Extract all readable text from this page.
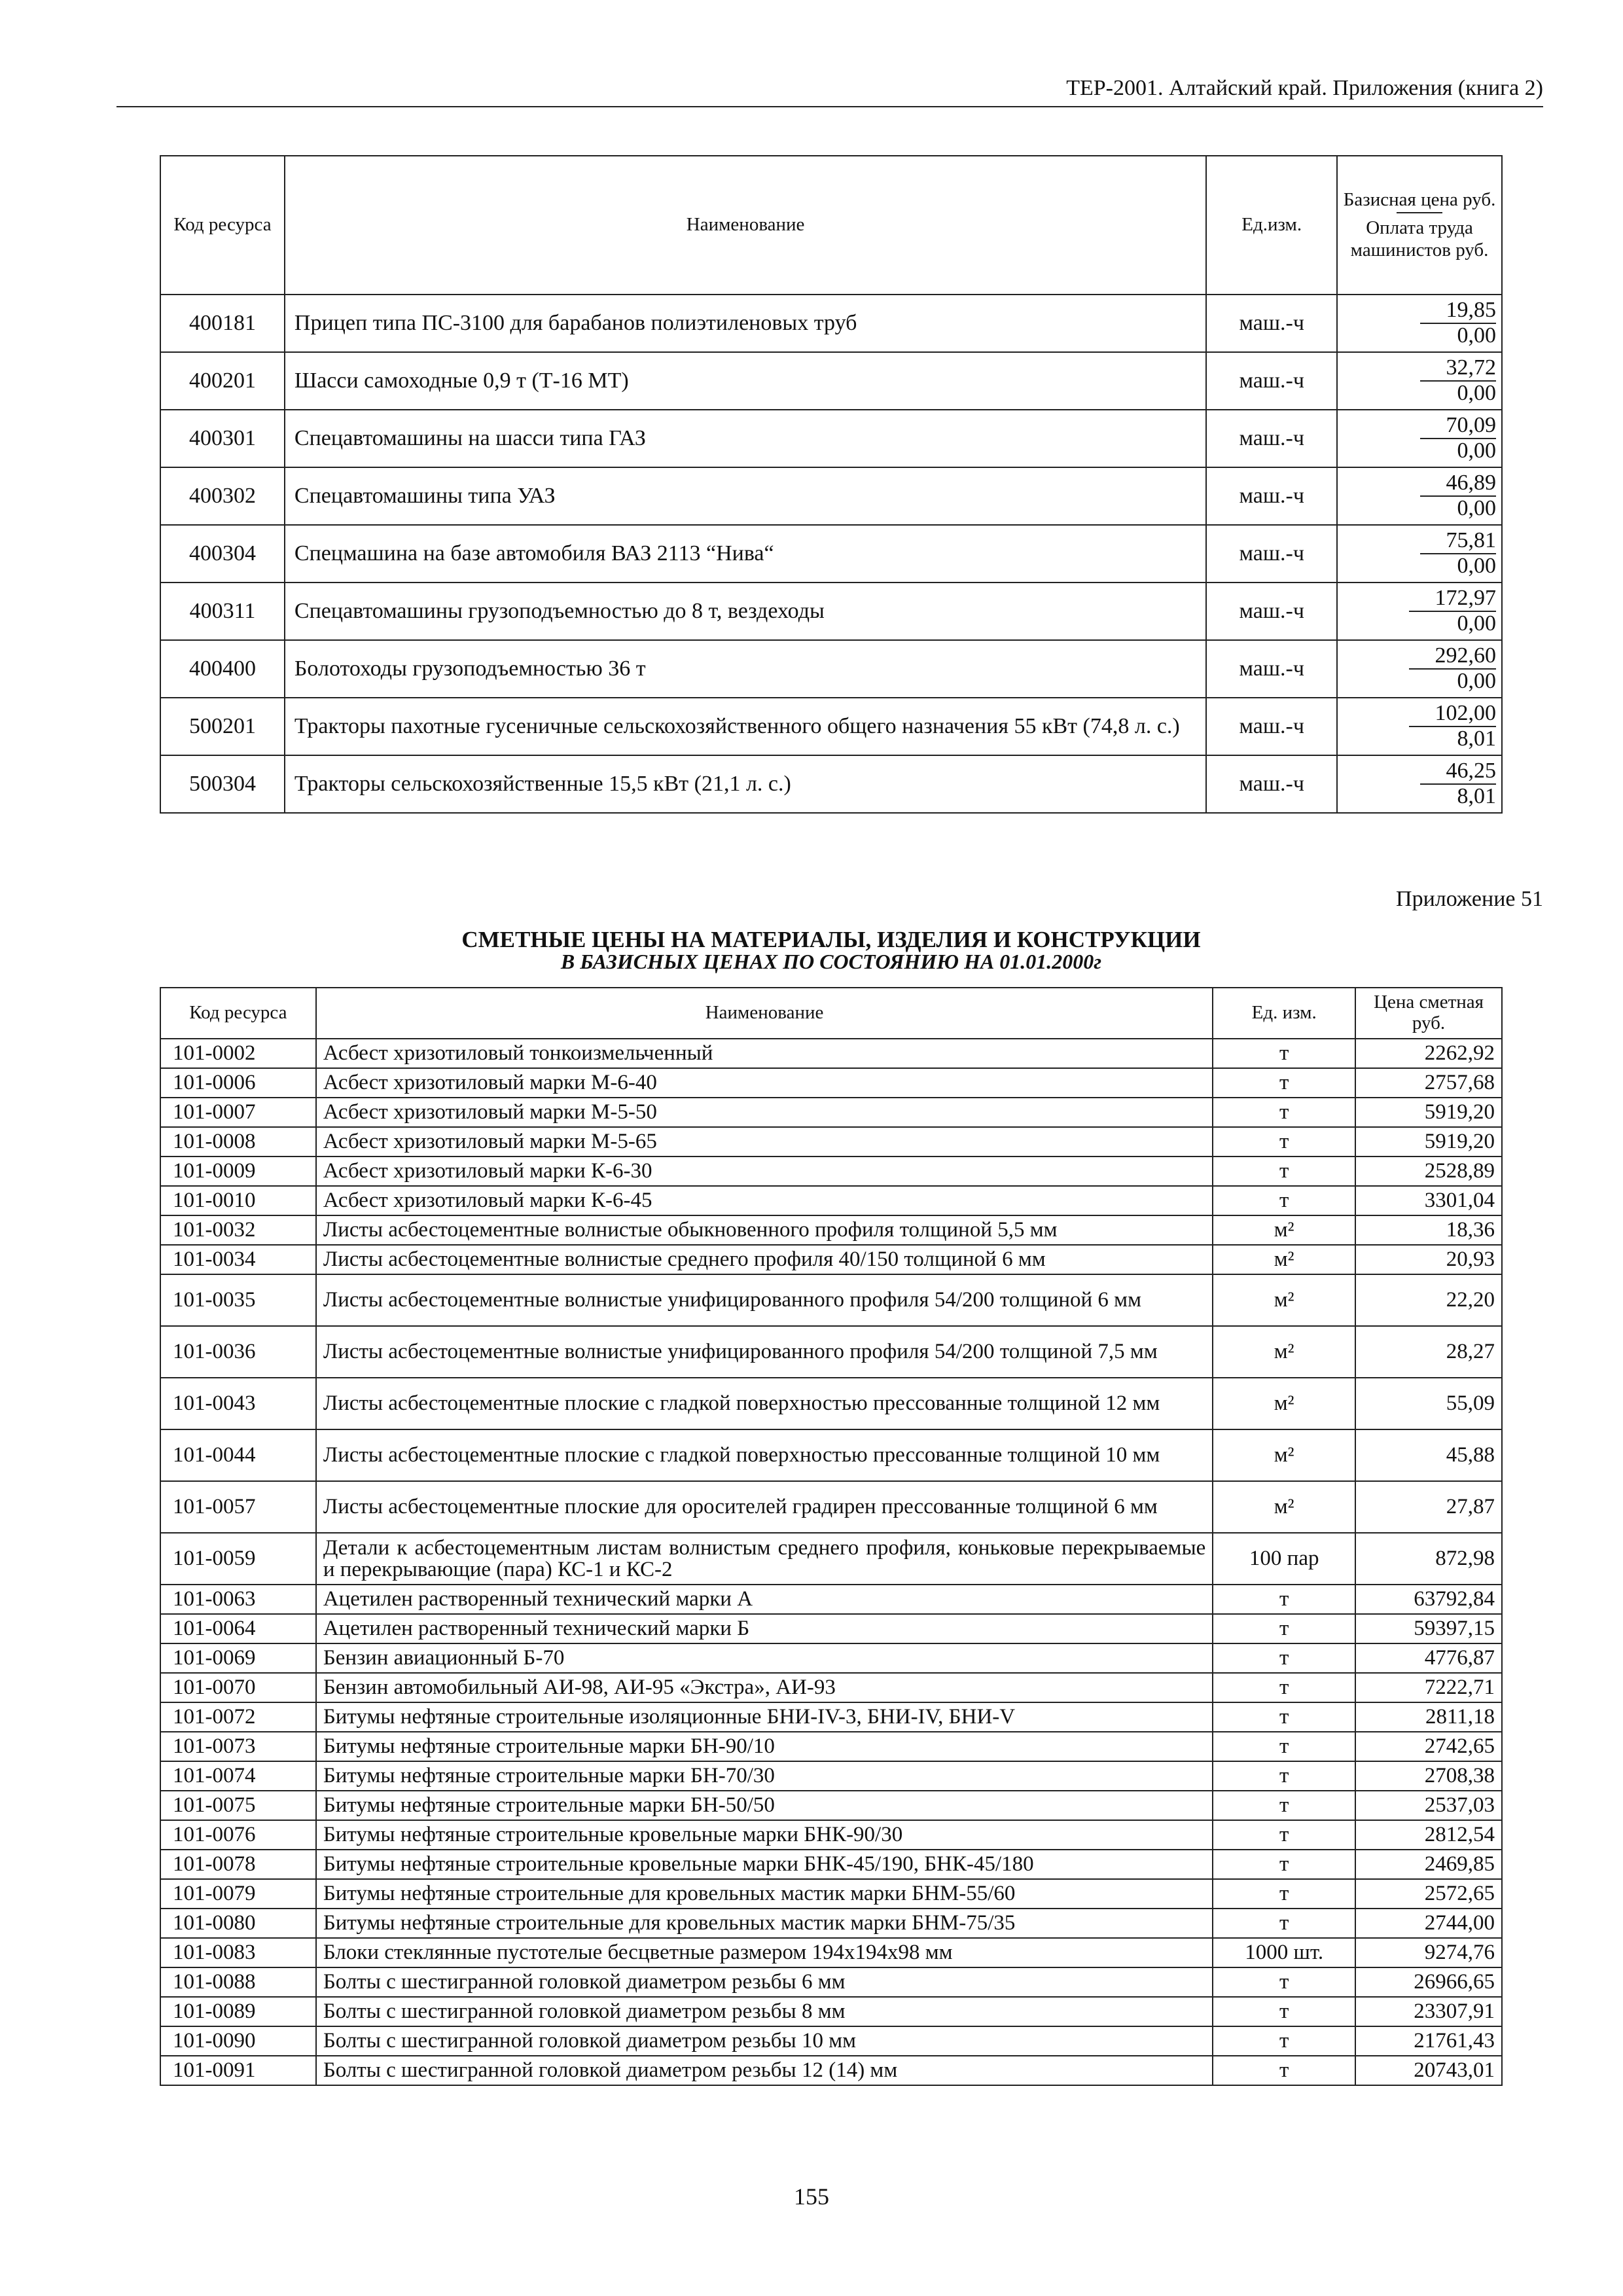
ТЕР-2001. Алтайский край. Приложения (книга 2)
Код ресурса	Наименование	Ед.изм.	Базисная цена руб.
Оплата труда машинистов руб.

400181	Прицеп типа ПС-3100 для барабанов полиэтиленовых труб	маш.-ч	$\frac{19,85}{0,00}$

400201	Шасси самоходные 0,9 т (Т-16 МТ)	маш.-ч	$\frac{32,72}{0,00}$

400301	Спецавтомашины на шасси типа ГАЗ	маш.-ч	$\frac{70,09}{0,00}$

400302	Спецавтомашины типа УАЗ	маш.-ч	$\frac{46,89}{0,00}$

400304	Спецмашина на базе автомобиля ВАЗ 2113 “Нива“	маш.-ч	$\frac{75,81}{0,00}$

400311	Спецавтомашины грузоподъемностью до 8 т, вездеходы	маш.-ч	$\frac{172,97}{0,00}$

400400	Болотоходы грузоподъемностью 36 т	маш.-ч	$\frac{292,60}{0,00}$

500201	Тракторы пахотные гусеничные сельскохозяйственного общего назначения 55 кВт (74,8 л. с.)	маш.-ч	$\frac{102,00}{8,01}$

500304	Тракторы сельскохозяйственные 15,5 кВт (21,1 л. с.)	маш.-ч	$\frac{46,25}{8,01}$
Приложение 51
СМЕТНЫЕ ЦЕНЫ НА МАТЕРИАЛЫ, ИЗДЕЛИЯ И КОНСТРУКЦИИ
В БАЗИСНЫХ ЦЕНАХ ПО СОСТОЯНИЮ НА 01.01.2000г
Код ресурса	Наименование	Ед. изм.	Цена сметная руб.
101-0002	Асбест хризотиловый тонкоизмельченный	т	2262,92
101-0006	Асбест хризотиловый марки М-6-40	т	2757,68
101-0007	Асбест хризотиловый марки М-5-50	т	5919,20
101-0008	Асбест хризотиловый марки М-5-65	т	5919,20
101-0009	Асбест хризотиловый марки К-6-30	т	2528,89
101-0010	Асбест хризотиловый марки К-6-45	т	3301,04
101-0032	Листы асбестоцементные волнистые обыкновенного профиля толщиной 5,5 мм	м²	18,36
101-0034	Листы асбестоцементные волнистые среднего профиля 40/150 толщиной 6 мм	м²	20,93
101-0035	Листы асбестоцементные волнистые унифицированного профиля 54/200 толщиной 6 мм	м²	22,20
101-0036	Листы асбестоцементные волнистые унифицированного профиля 54/200 толщиной 7,5 мм	м²	28,27
101-0043	Листы асбестоцементные плоские с гладкой поверхностью прессованные толщиной 12 мм	м²	55,09
101-0044	Листы асбестоцементные плоские с гладкой поверхностью прессованные толщиной 10 мм	м²	45,88
101-0057	Листы асбестоцементные плоские для оросителей градирен прессованные толщиной 6 мм	м²	27,87
101-0059	Детали к асбестоцементным листам волнистым среднего профиля, коньковые перекрываемые и перекрывающие (пара) КС-1 и КС-2	100 пар	872,98
101-0063	Ацетилен растворенный технический марки А	т	63792,84
101-0064	Ацетилен растворенный технический марки Б	т	59397,15
101-0069	Бензин авиационный Б-70	т	4776,87
101-0070	Бензин автомобильный АИ-98, АИ-95 «Экстра», АИ-93	т	7222,71
101-0072	Битумы нефтяные строительные изоляционные БНИ-IV-3, БНИ-IV, БНИ-V	т	2811,18
101-0073	Битумы нефтяные строительные марки БН-90/10	т	2742,65
101-0074	Битумы нефтяные строительные марки БН-70/30	т	2708,38
101-0075	Битумы нефтяные строительные марки БН-50/50	т	2537,03
101-0076	Битумы нефтяные строительные кровельные марки БНК-90/30	т	2812,54
101-0078	Битумы нефтяные строительные кровельные марки БНК-45/190, БНК-45/180	т	2469,85
101-0079	Битумы нефтяные строительные для кровельных мастик марки БНМ-55/60	т	2572,65
101-0080	Битумы нефтяные строительные для кровельных мастик марки БНМ-75/35	т	2744,00
101-0083	Блоки стеклянные пустотелые бесцветные размером 194х194х98 мм	1000 шт.	9274,76
101-0088	Болты с шестигранной головкой диаметром резьбы 6 мм	т	26966,65
101-0089	Болты с шестигранной головкой диаметром резьбы 8 мм	т	23307,91
101-0090	Болты с шестигранной головкой диаметром резьбы 10 мм	т	21761,43
101-0091	Болты с шестигранной головкой диаметром резьбы 12 (14) мм	т	20743,01
155
